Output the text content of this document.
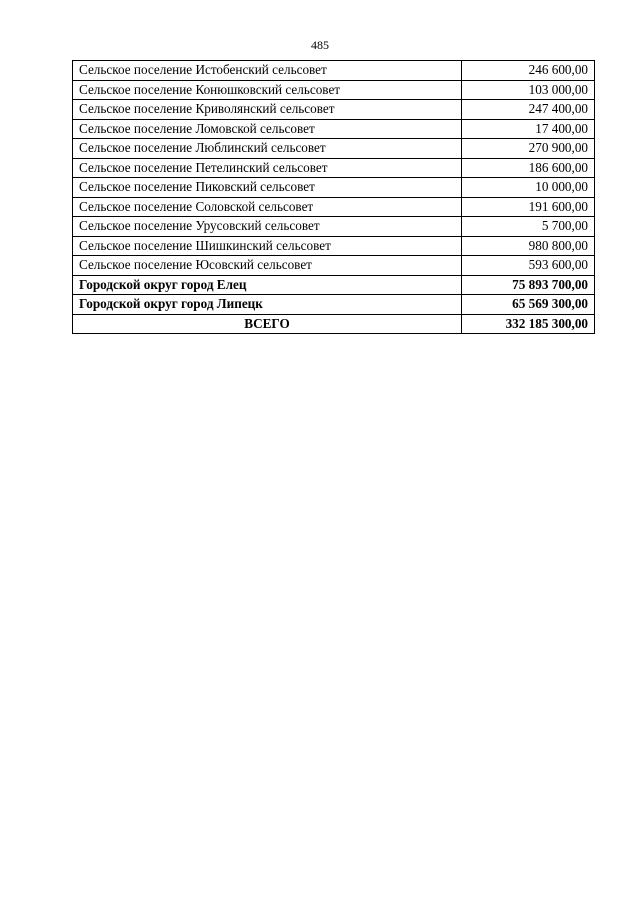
485
Сельское поселение Истобенский сельсовет	246 600,00
Сельское поселение Конюшковский сельсовет	103 000,00
Сельское поселение Криволянский сельсовет	247 400,00
Сельское поселение Ломовской сельсовет	17 400,00
Сельское поселение Люблинский сельсовет	270 900,00
Сельское поселение Петелинский сельсовет	186 600,00
Сельское поселение Пиковский сельсовет	10 000,00
Сельское поселение Соловской сельсовет	191 600,00
Сельское поселение Урусовский сельсовет	5 700,00
Сельское поселение Шишкинский сельсовет	980 800,00
Сельское поселение Юсовский сельсовет	593 600,00
Городской округ город Елец	75 893 700,00
Городской округ город Липецк	65 569 300,00
ВСЕГО	332 185 300,00
